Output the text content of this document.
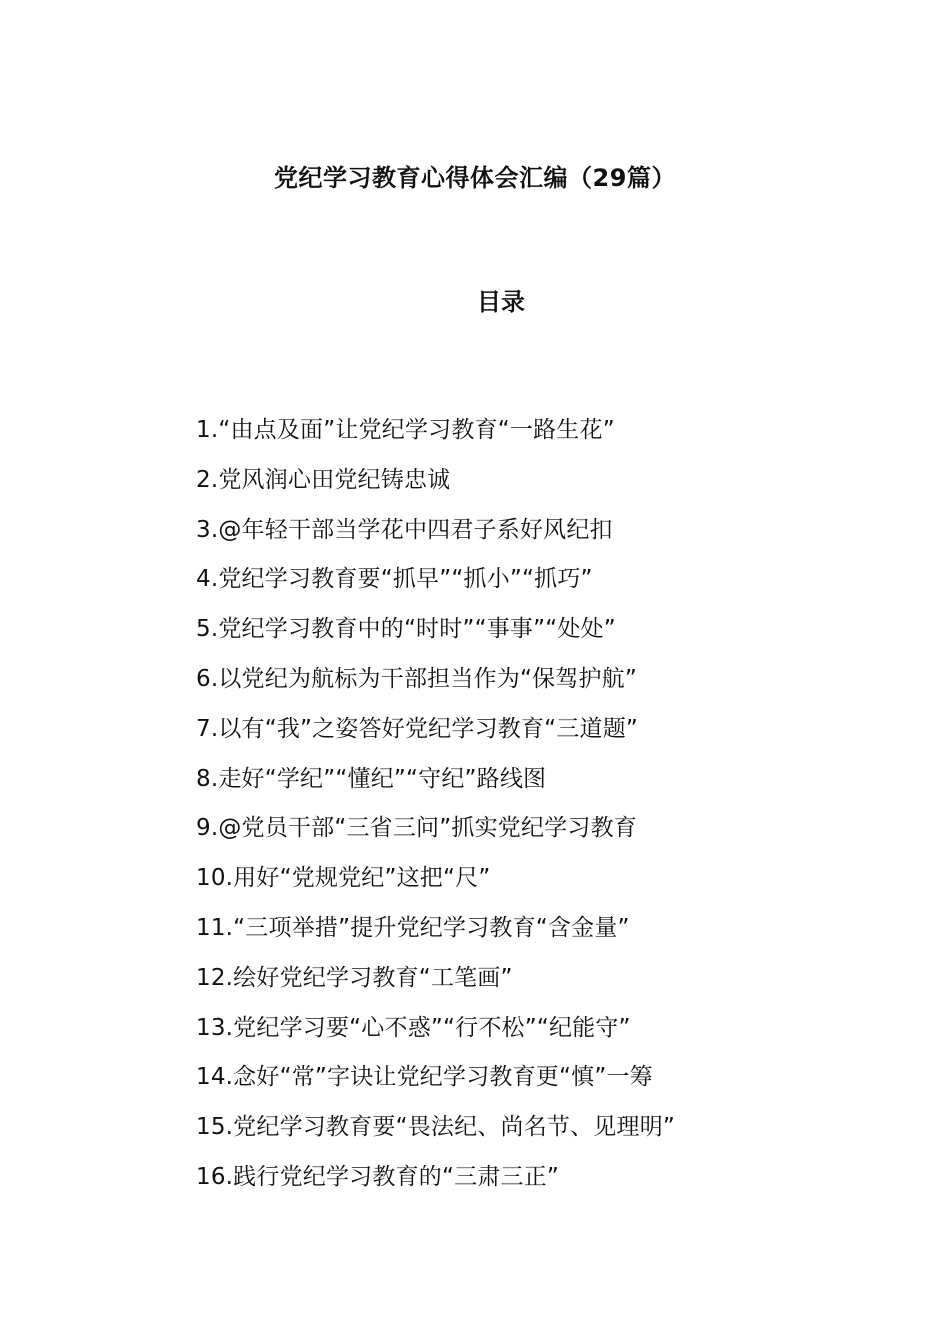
党纪学习教育心得体会汇编（29篇）
目录
1.“由点及面”让党纪学习教育“一路生花”
2.党风润心田党纪铸忠诚
3.@年轻干部当学花中四君子系好风纪扣
4.党纪学习教育要“抓早”“抓小”“抓巧”
5.党纪学习教育中的“时时”“事事”“处处”
6.以党纪为航标为干部担当作为“保驾护航”
7.以有“我”之姿答好党纪学习教育“三道题”
8.走好“学纪”“懂纪”“守纪”路线图
9.@党员干部“三省三问”抓实党纪学习教育
10.用好“党规党纪”这把“尺”
11.“三项举措”提升党纪学习教育“含金量”
12.绘好党纪学习教育“工笔画”
13.党纪学习要“心不惑”“行不松”“纪能守”
14.念好“常”字诀让党纪学习教育更“慎”一筹
15.党纪学习教育要“畏法纪、尚名节、见理明”
16.践行党纪学习教育的“三肃三正”
